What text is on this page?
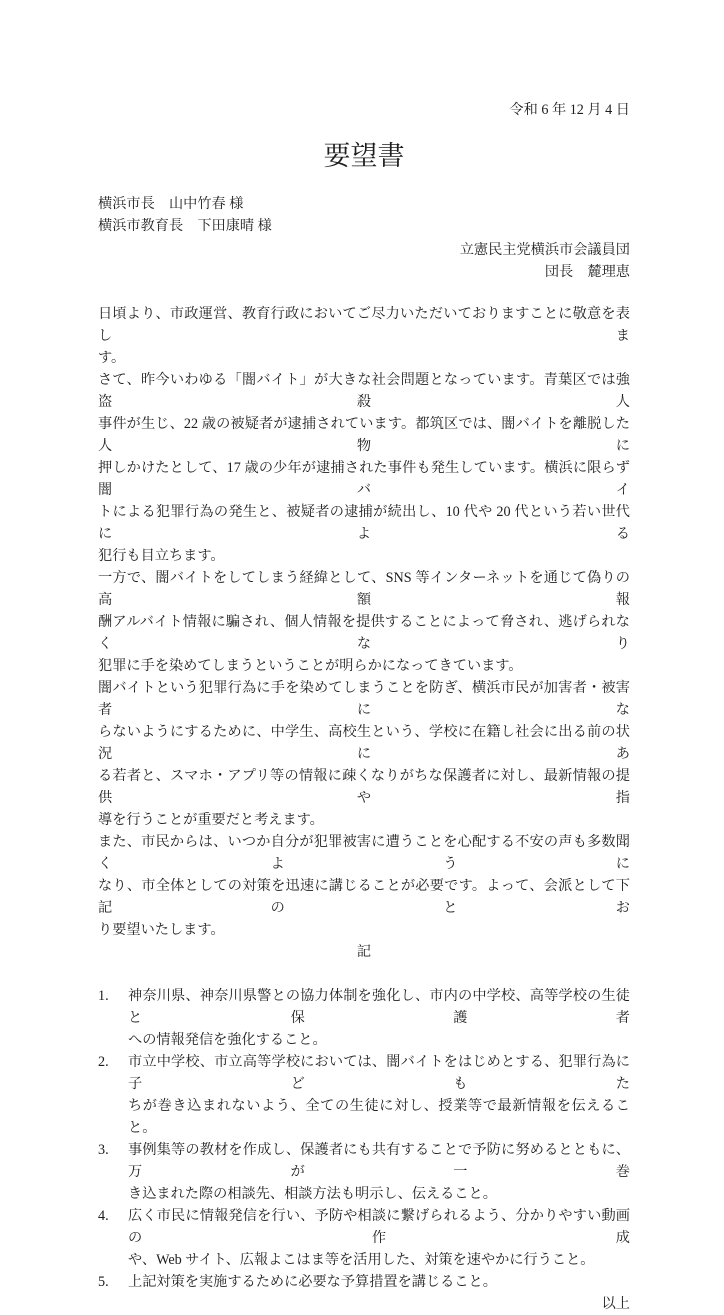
令和 6 年 12 月 4 日
要望書
横浜市長　山中竹春 様
横浜市教育長　下田康晴 様
立憲民主党横浜市会議員団
団長　麓理恵
日頃より、市政運営、教育行政においてご尽力いただいておりますことに敬意を表しま
す。
さて、昨今いわゆる「闇バイト」が大きな社会問題となっています。青葉区では強盗殺人
事件が生じ、22 歳の被疑者が逮捕されています。都筑区では、闇バイトを離脱した人物に
押しかけたとして、17 歳の少年が逮捕された事件も発生しています。横浜に限らず闇バイ
トによる犯罪行為の発生と、被疑者の逮捕が続出し、10 代や 20 代という若い世代による
犯行も目立ちます。
一方で、闇バイトをしてしまう経緯として、SNS 等インターネットを通じて偽りの高額報
酬アルバイト情報に騙され、個人情報を提供することによって脅され、逃げられなくなり
犯罪に手を染めてしまうということが明らかになってきています。
闇バイトという犯罪行為に手を染めてしまうことを防ぎ、横浜市民が加害者・被害者にな
らないようにするために、中学生、高校生という、学校に在籍し社会に出る前の状況にあ
る若者と、スマホ・アプリ等の情報に疎くなりがちな保護者に対し、最新情報の提供や指
導を行うことが重要だと考えます。
また、市民からは、いつか自分が犯罪被害に遭うことを心配する不安の声も多数聞くように
なり、市全体としての対策を迅速に講じることが必要です。よって、会派として下記のとお
り要望いたします。
記
1.	神奈川県、神奈川県警との協力体制を強化し、市内の中学校、高等学校の生徒と保護者
への情報発信を強化すること。
2.	市立中学校、市立高等学校においては、闇バイトをはじめとする、犯罪行為に子どもた
ちが巻き込まれないよう、全ての生徒に対し、授業等で最新情報を伝えること。
3.	事例集等の教材を作成し、保護者にも共有することで予防に努めるとともに、万が一巻
き込まれた際の相談先、相談方法も明示し、伝えること。
4.	広く市民に情報発信を行い、予防や相談に繋げられるよう、分かりやすい動画の作成
や、Web サイト、広報よこはま等を活用した、対策を速やかに行うこと。
5.	上記対策を実施するために必要な予算措置を講じること。
以上
